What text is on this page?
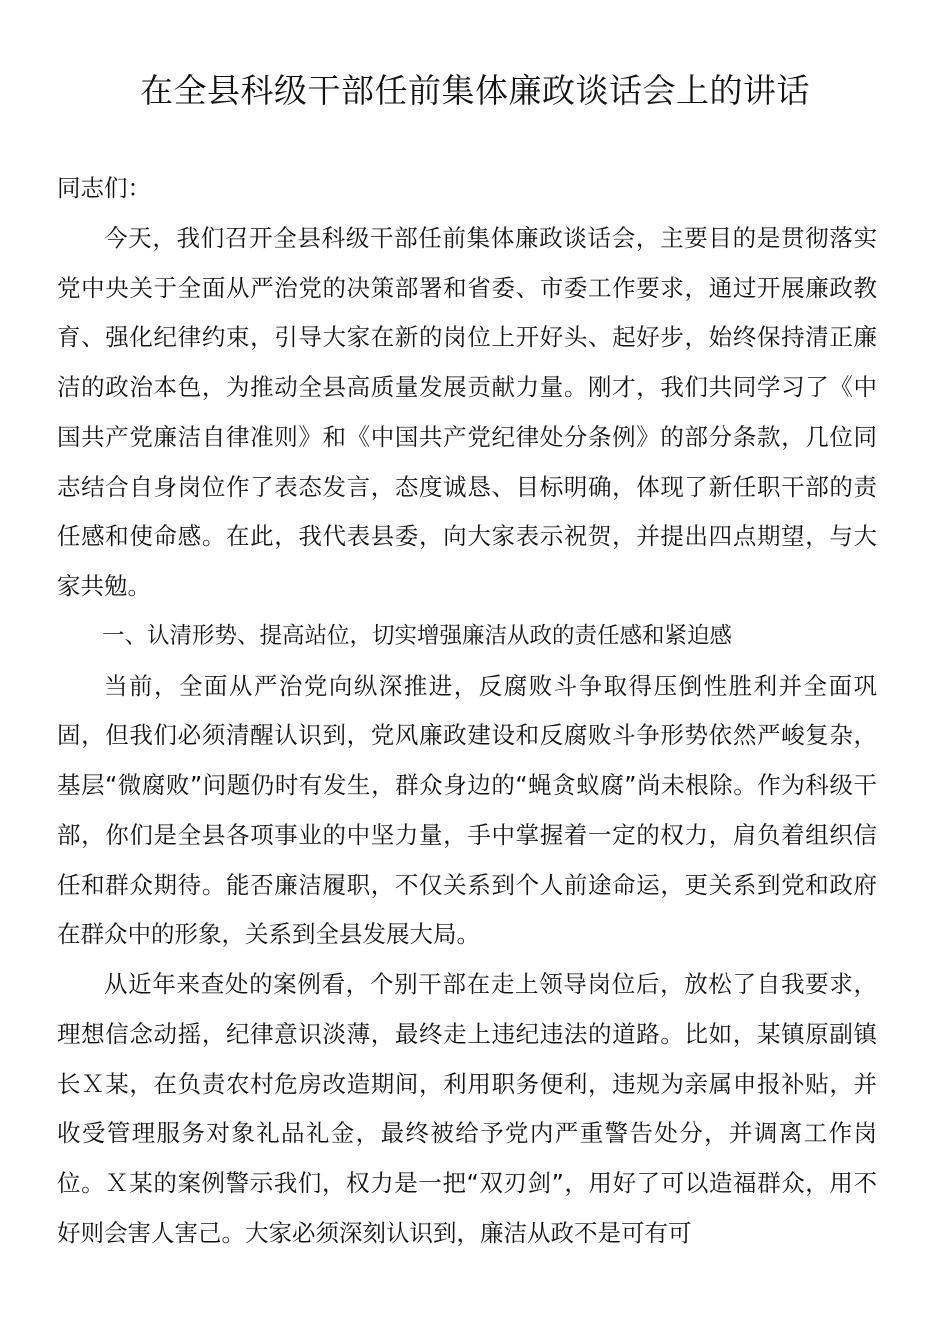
在全县科级干部任前集体廉政谈话会上的讲话

同志们：

今天，我们召开全县科级干部任前集体廉政谈话会，主要目的是贯彻落实党中央关于全面从严治党的决策部署和省委、市委工作要求，通过开展廉政教育、强化纪律约束，引导大家在新的岗位上开好头、起好步，始终保持清正廉洁的政治本色，为推动全县高质量发展贡献力量。刚才，我们共同学习了《中国共产党廉洁自律准则》和《中国共产党纪律处分条例》的部分条款，几位同志结合自身岗位作了表态发言，态度诚恳、目标明确，体现了新任职干部的责任感和使命感。在此，我代表县委，向大家表示祝贺，并提出四点期望，与大家共勉。

一、认清形势、提高站位，切实增强廉洁从政的责任感和紧迫感

当前，全面从严治党向纵深推进，反腐败斗争取得压倒性胜利并全面巩固，但我们必须清醒认识到，党风廉政建设和反腐败斗争形势依然严峻复杂，基层“微腐败”问题仍时有发生，群众身边的“蝇贪蚁腐”尚未根除。作为科级干部，你们是全县各项事业的中坚力量，手中掌握着一定的权力，肩负着组织信任和群众期待。能否廉洁履职，不仅关系到个人前途命运，更关系到党和政府在群众中的形象，关系到全县发展大局。

从近年来查处的案例看，个别干部在走上领导岗位后，放松了自我要求，理想信念动摇，纪律意识淡薄，最终走上违纪违法的道路。比如，某镇原副镇长Ｘ某，在负责农村危房改造期间，利用职务便利，违规为亲属申报补贴，并收受管理服务对象礼品礼金，最终被给予党内严重警告处分，并调离工作岗位。Ｘ某的案例警示我们，权力是一把“双刃剑”，用好了可以造福群众，用不好则会害人害己。大家必须深刻认识到，廉洁从政不是可有可
